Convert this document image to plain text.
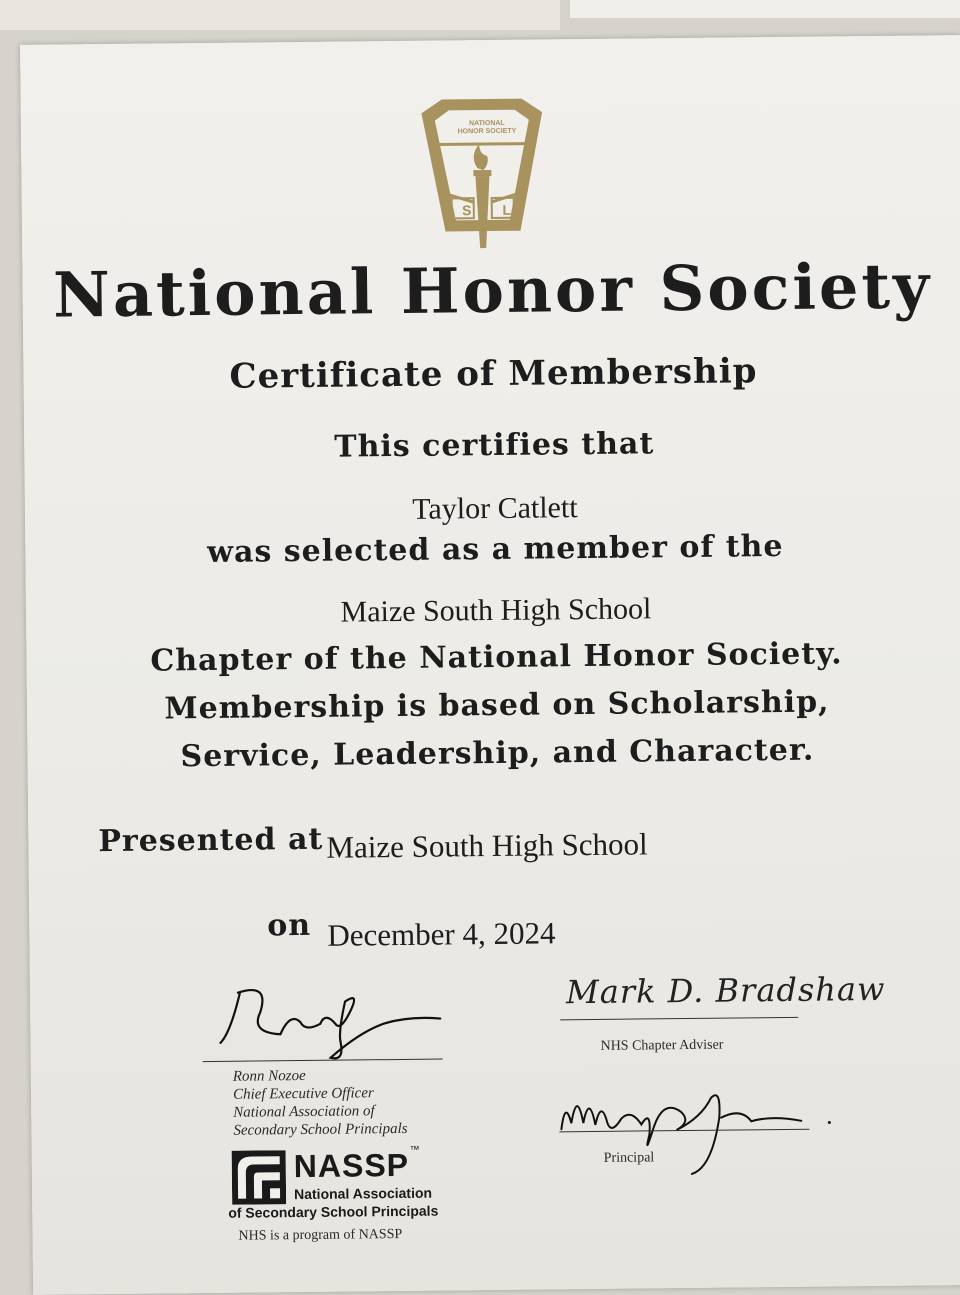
NATIONAL HONOR SOCIETY
S	L
National Honor Society
Certificate of Membership
This certifies that
Taylor Catlett
was selected as a member of the
Maize South High School
Chapter of the National Honor Society.
Membership is based on Scholarship,
Service, Leadership, and Character.
Presented at Maize South High School
on December 4, 2024
Ronn Nozoe
Chief Executive Officer
National Association of
Secondary School Principals
NASSP ™
National Association
of Secondary School Principals
NHS is a program of NASSP
Mark D. Bradshaw
NHS Chapter Adviser
Principal
